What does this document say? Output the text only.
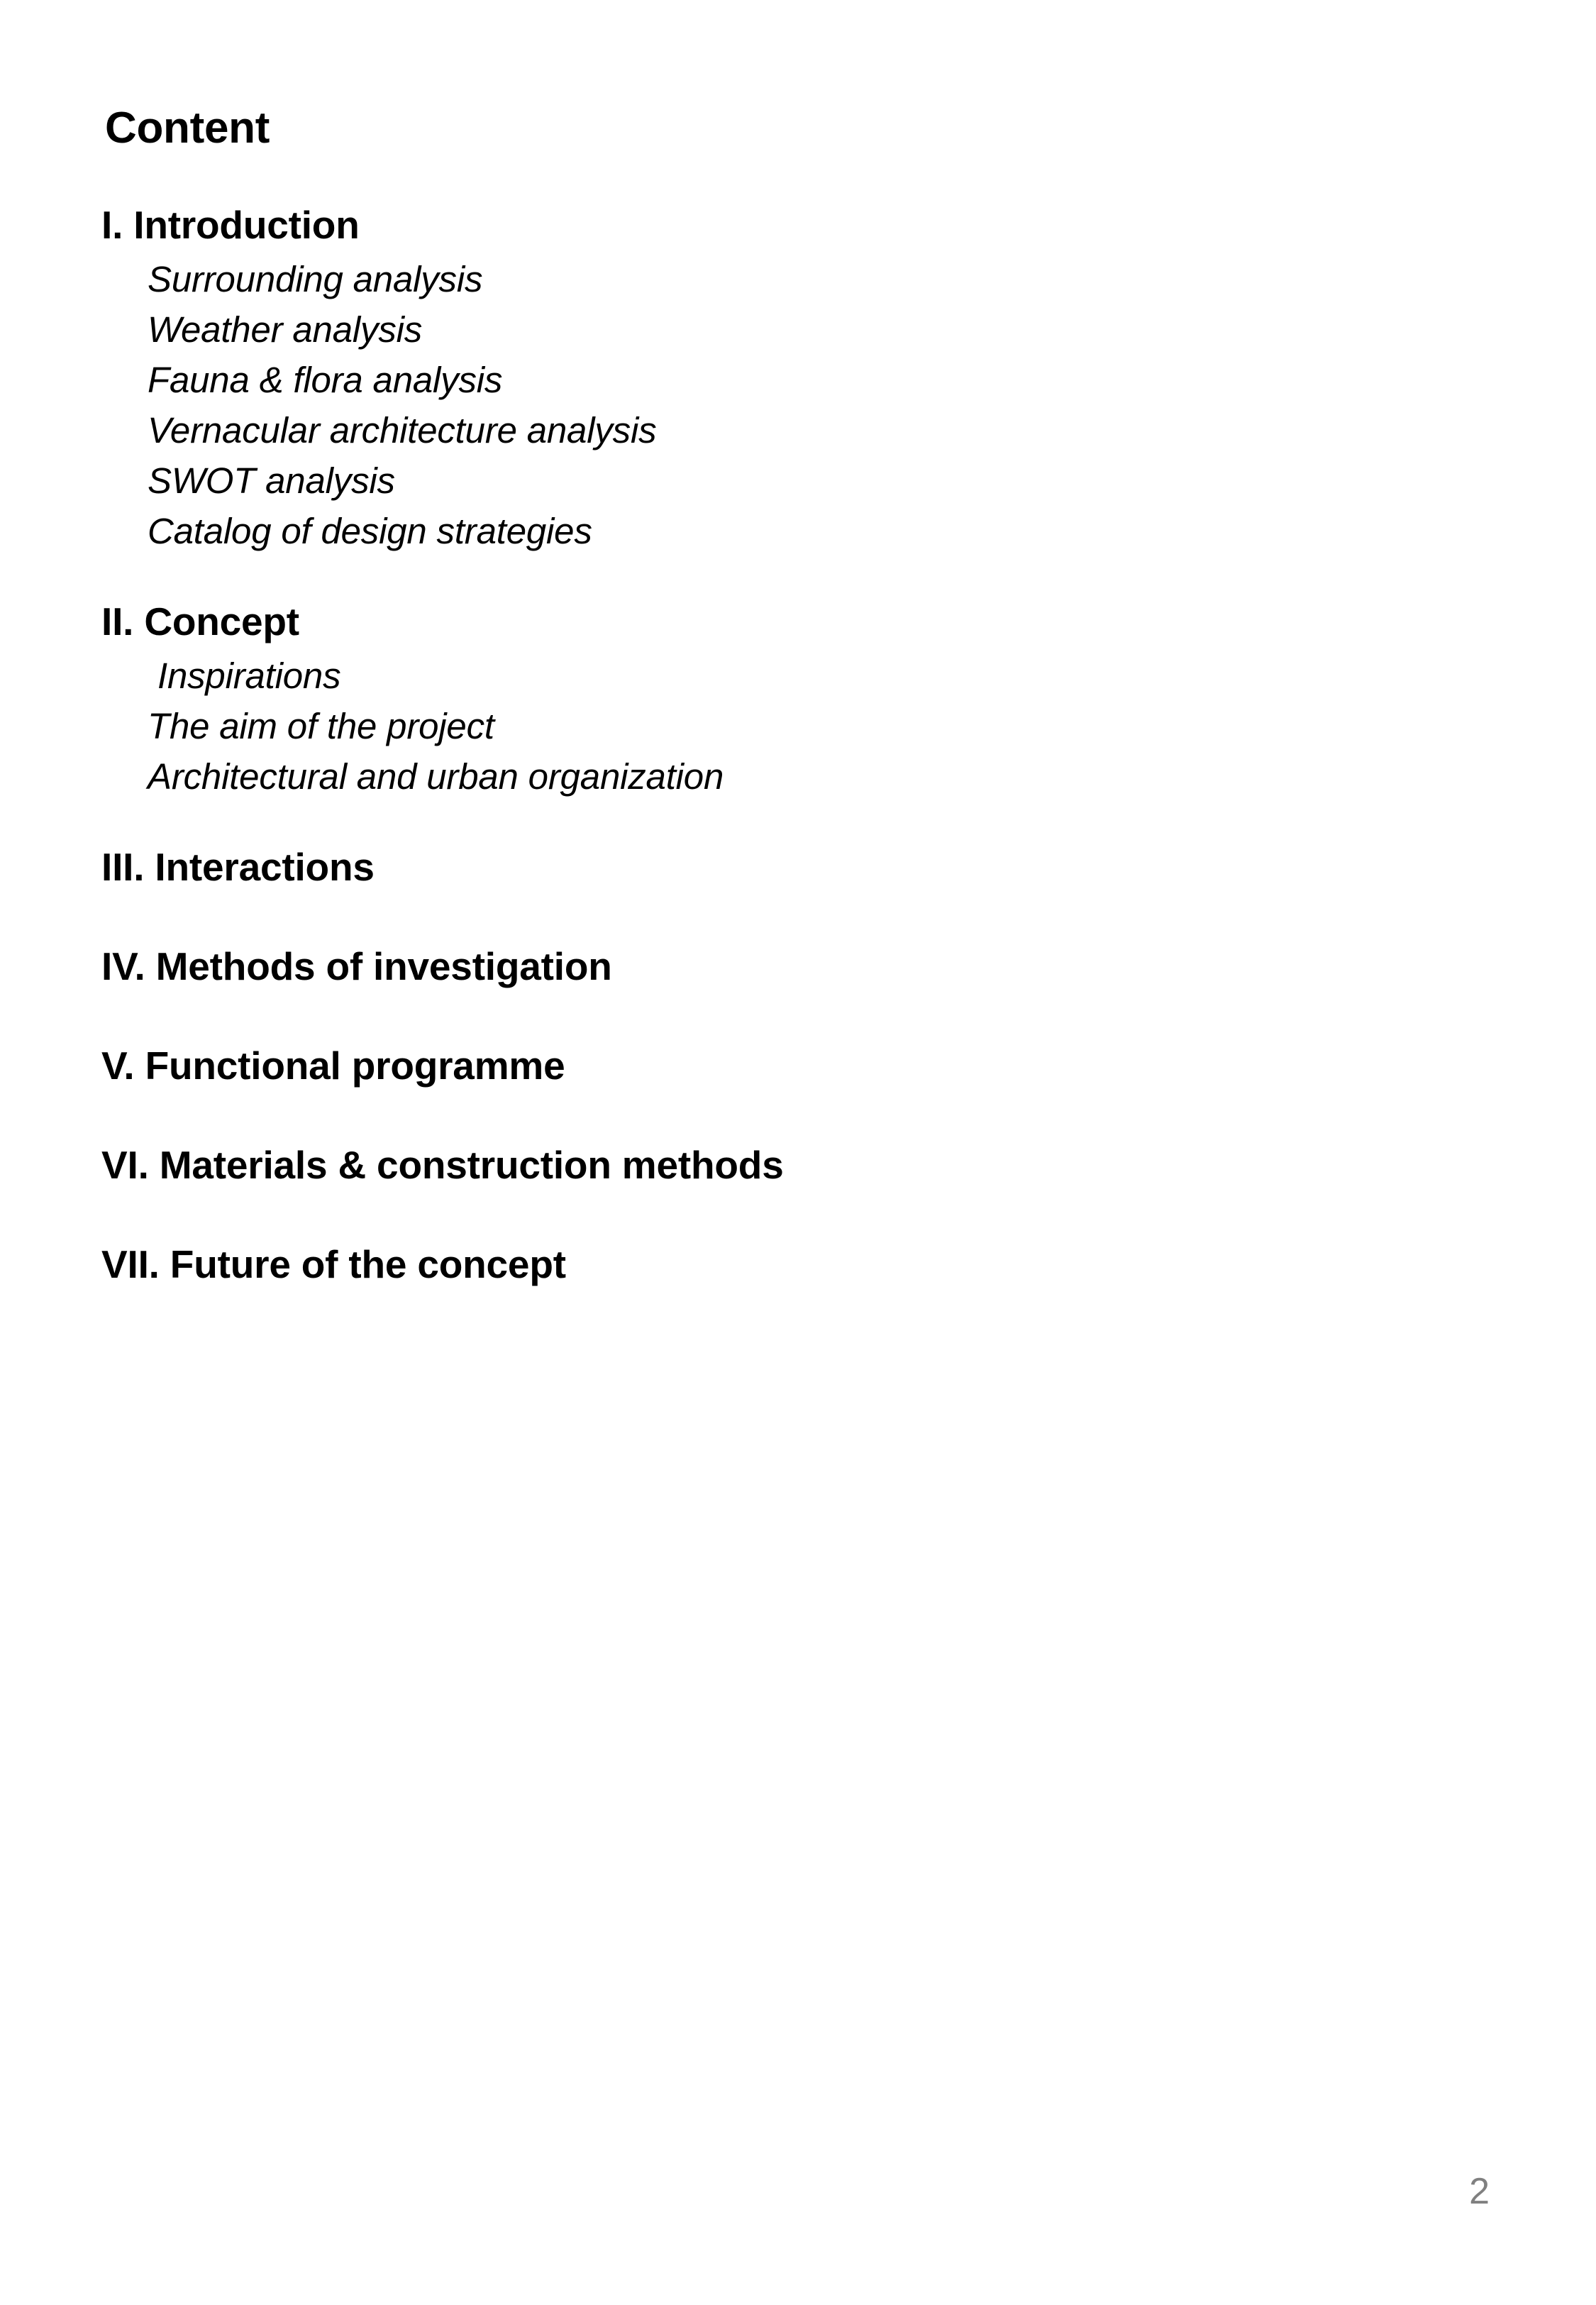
Content
I. Introduction
Surrounding analysis
Weather analysis
Fauna & flora analysis
Vernacular architecture analysis
SWOT analysis
Catalog of design strategies
II. Concept
Inspirations
The aim of the project
Architectural and urban organization
III. Interactions
IV. Methods of investigation
V. Functional programme
VI. Materials & construction methods
VII. Future of the concept
2
